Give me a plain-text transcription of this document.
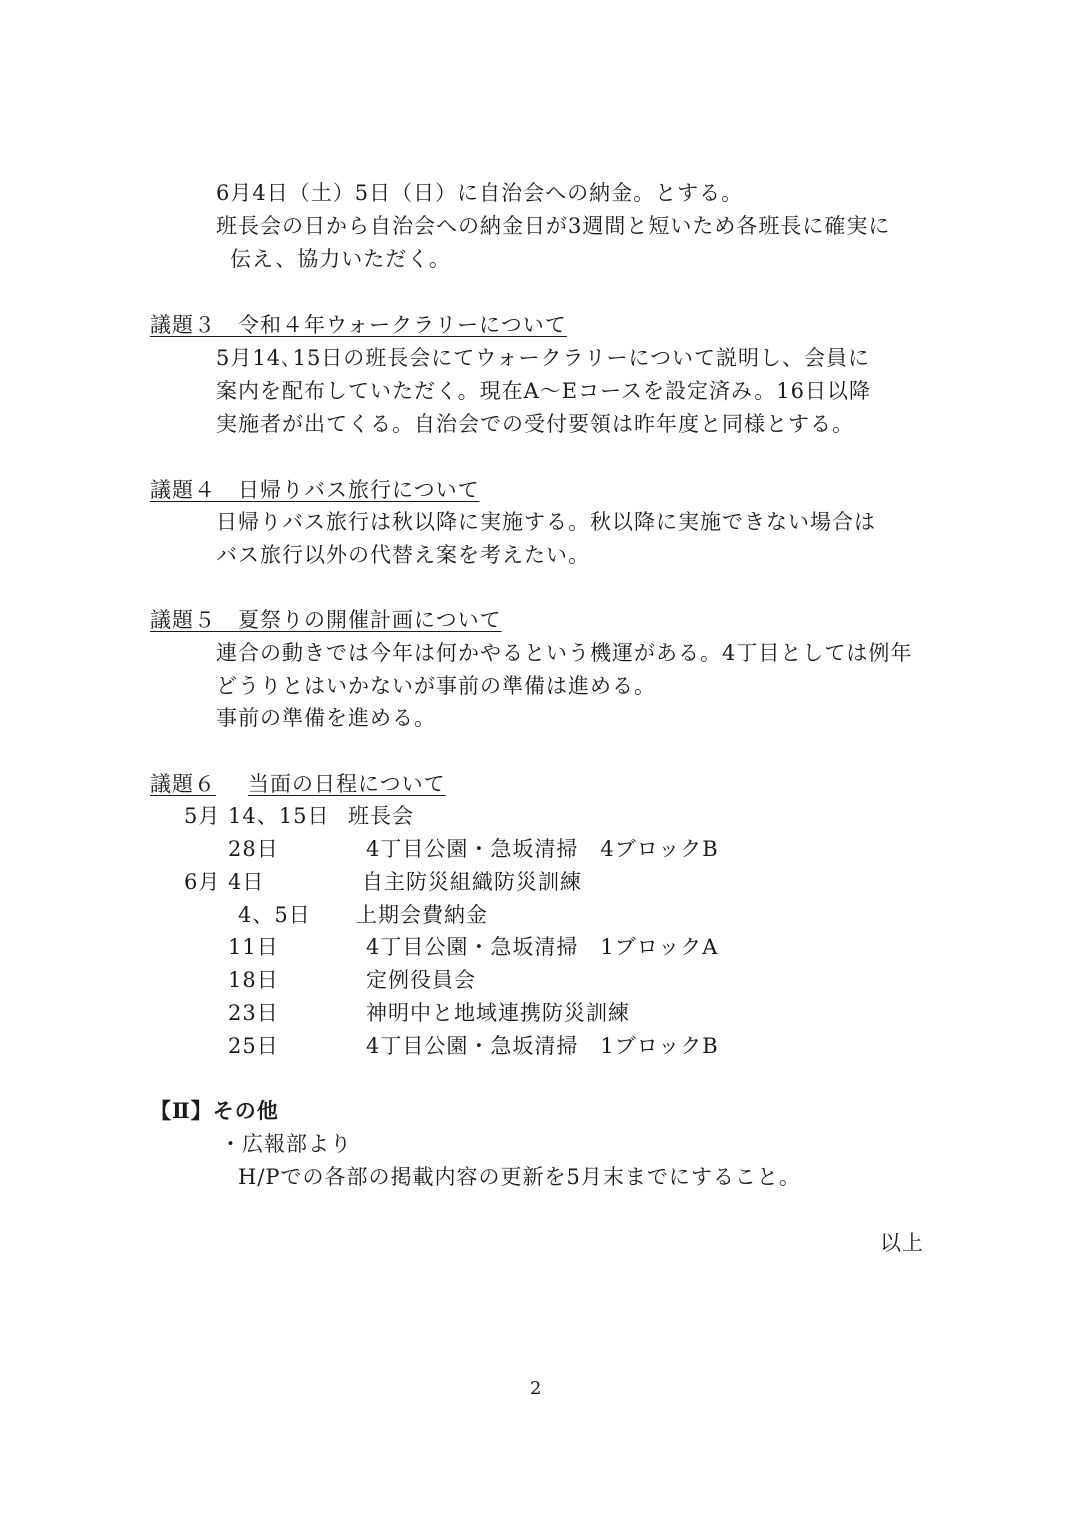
6月4日（土）5日（日）に自治会への納金。とする。
班長会の日から自治会への納金日が3週間と短いため各班長に確実に
伝え、協力いただく。
議題３　令和４年ウォークラリーについて
5月14､15日の班長会にてウォークラリーについて説明し、会員に
案内を配布していただく。現在A～Eコースを設定済み。16日以降
実施者が出てくる。自治会での受付要領は昨年度と同様とする。
議題４　日帰りバス旅行について
日帰りバス旅行は秋以降に実施する。秋以降に実施できない場合は
バス旅行以外の代替え案を考えたい。
議題５　夏祭りの開催計画について
連合の動きでは今年は何かやるという機運がある。4丁目としては例年
どうりとはいかないが事前の準備は進める。
事前の準備を進める。
議題６	当面の日程について
5月 14、15日 班長会
28日	4丁目公園・急坂清掃　4ブロックB
6月 4日	自主防災組織防災訓練
4、5日 上期会費納金
11日	4丁目公園・急坂清掃　1ブロックA
18日	定例役員会
23日	神明中と地域連携防災訓練
25日	4丁目公園・急坂清掃　1ブロックB
【Ⅱ】その他
・広報部より
H/Pでの各部の掲載内容の更新を5月末までにすること。
以上
2
